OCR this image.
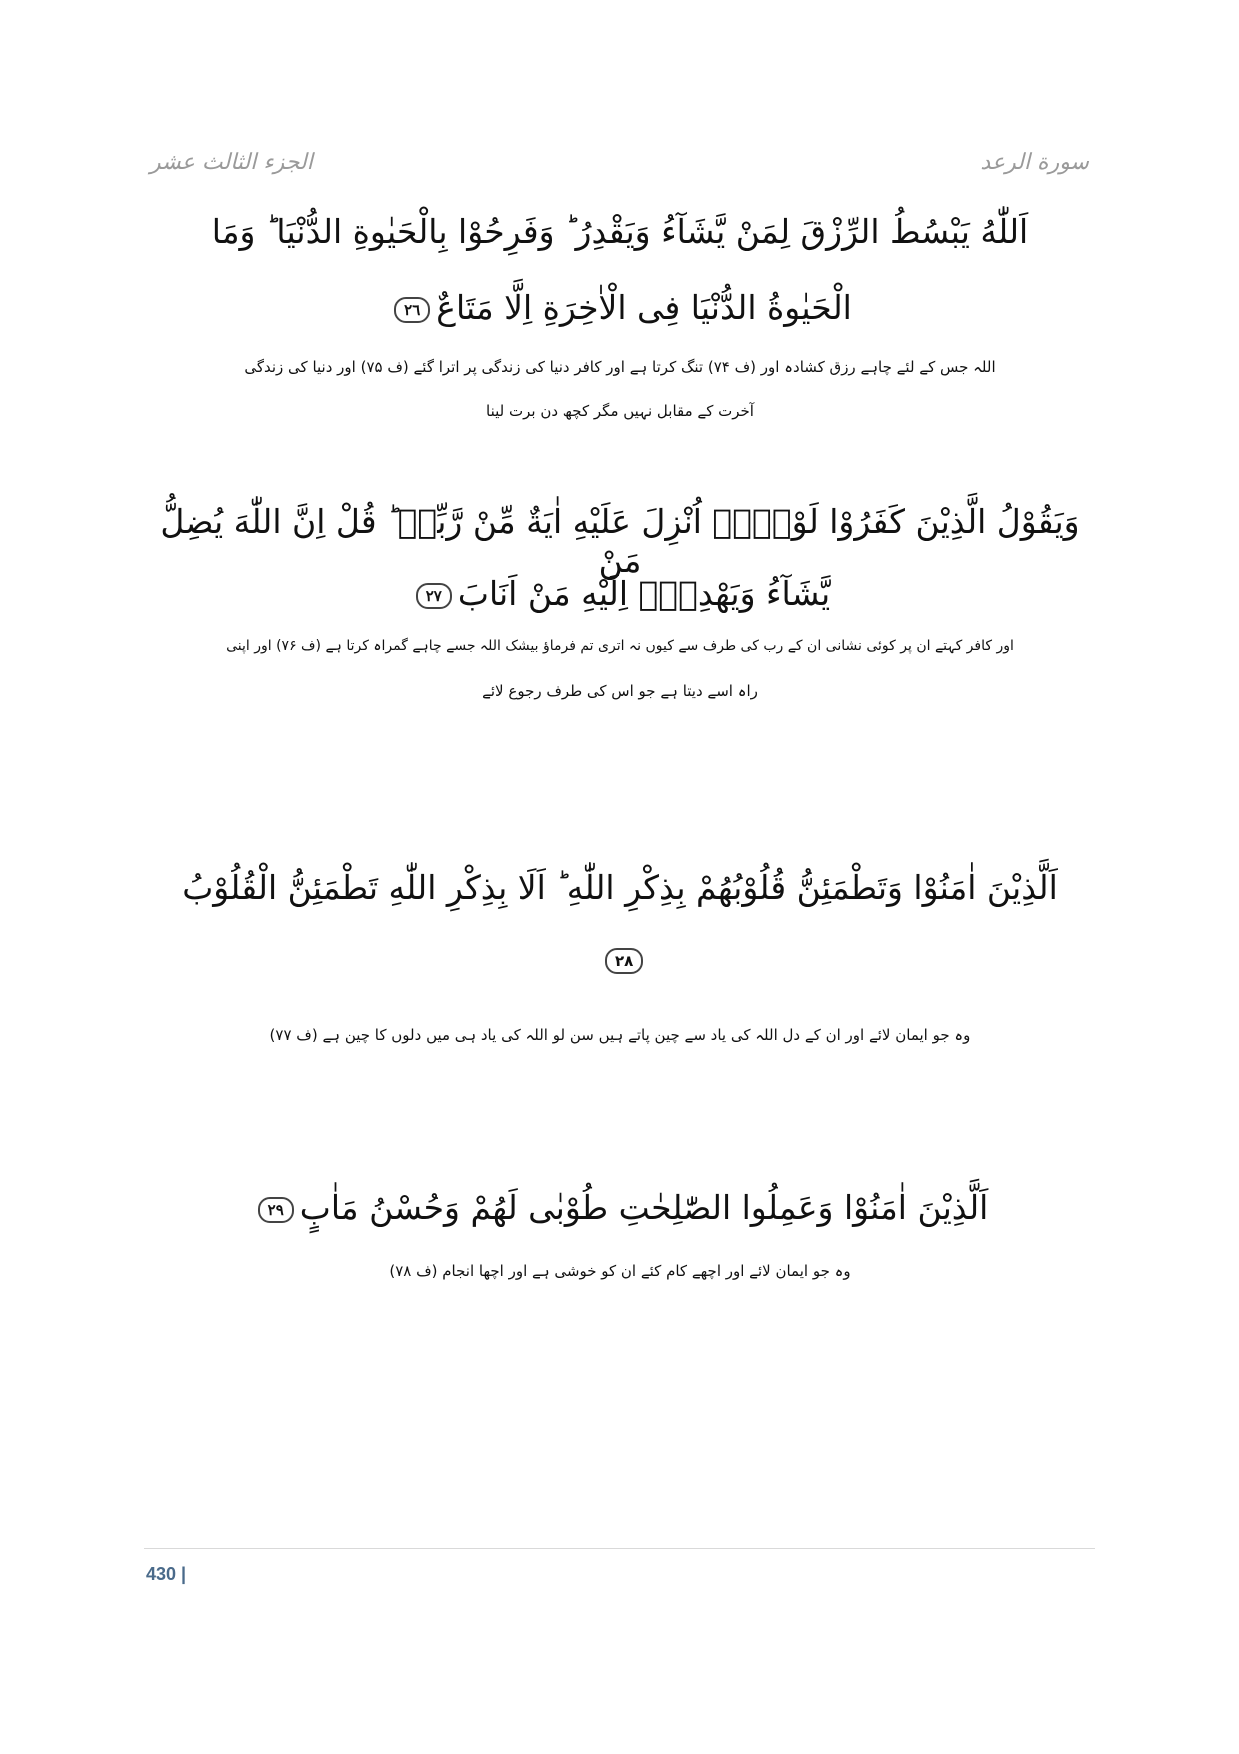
الجزء الثالث عشر	سورة الرعد
اَللّٰهُ يَبْسُطُ الرِّزْقَ لِمَنْ يَّشَآءُ وَيَقْدِرُ ؕ وَفَرِحُوْا بِالْحَيٰوةِ الدُّنْيَا ؕ وَمَا
الْحَيٰوةُ الدُّنْيَا فِى الْاٰخِرَةِ اِلَّا مَتَاعٌ٢٦
اللہ جس کے لئے چاہے رزق کشادہ اور (ف ۷۴) تنگ کرتا ہے اور کافر دنیا کی زندگی پر اترا گئے (ف ۷۵) اور دنیا کی زندگی
آخرت کے مقابل نہیں مگر کچھ دن برت لینا
وَيَقُوْلُ الَّذِيْنَ كَفَرُوْا لَوْلَاۤ اُنْزِلَ عَلَيْهِ اٰيَةٌ مِّنْ رَّبِّهٖ ؕ قُلْ اِنَّ اللّٰهَ يُضِلُّ مَنْ
يَّشَآءُ وَيَهْدِيْۤ اِلَيْهِ مَنْ اَنَابَ٢٧
اور کافر کہتے ان پر کوئی نشانی ان کے رب کی طرف سے کیوں نہ اتری تم فرماؤ بیشک اللہ جسے چاہے گمراہ کرتا ہے (ف ۷۶) اور اپنی
راہ اسے دیتا ہے جو اس کی طرف رجوع لائے
اَلَّذِيْنَ اٰمَنُوْا وَتَطْمَئِنُّ قُلُوْبُهُمْ بِذِكْرِ اللّٰهِ ؕ اَلَا بِذِكْرِ اللّٰهِ تَطْمَئِنُّ الْقُلُوْبُ
٢٨
وہ جو ایمان لائے اور ان کے دل اللہ کی یاد سے چین پاتے ہیں سن لو اللہ کی یاد ہی میں دلوں کا چین ہے (ف ۷۷)
اَلَّذِيْنَ اٰمَنُوْا وَعَمِلُوا الصّٰلِحٰتِ طُوْبٰى لَهُمْ وَحُسْنُ مَاٰبٍ٢٩
وہ جو ایمان لائے اور اچھے کام کئے ان کو خوشی ہے اور اچھا انجام (ف ۷۸)
430 |
